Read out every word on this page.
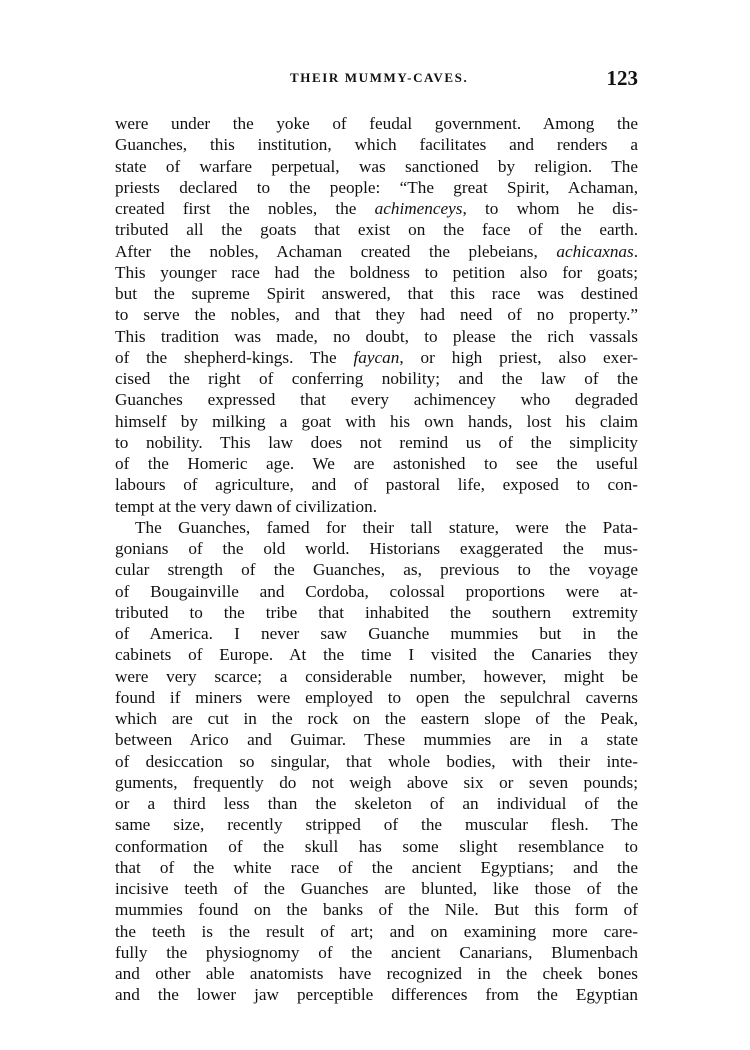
THEIR MUMMY-CAVES.	123
were under the yoke of feudal government. Among the
Guanches, this institution, which facilitates and renders a
state of warfare perpetual, was sanctioned by religion. The
priests declared to the people: “The great Spirit, Achaman,
created first the nobles, the achimenceys, to whom he dis-
tributed all the goats that exist on the face of the earth.
After the nobles, Achaman created the plebeians, achicaxnas.
This younger race had the boldness to petition also for goats;
but the supreme Spirit answered, that this race was destined
to serve the nobles, and that they had need of no property.”
This tradition was made, no doubt, to please the rich vassals
of the shepherd-kings. The faycan, or high priest, also exer-
cised the right of conferring nobility; and the law of the
Guanches expressed that every achimencey who degraded
himself by milking a goat with his own hands, lost his claim
to nobility. This law does not remind us of the simplicity
of the Homeric age. We are astonished to see the useful
labours of agriculture, and of pastoral life, exposed to con-
tempt at the very dawn of civilization.
The Guanches, famed for their tall stature, were the Pata-
gonians of the old world. Historians exaggerated the mus-
cular strength of the Guanches, as, previous to the voyage
of Bougainville and Cordoba, colossal proportions were at-
tributed to the tribe that inhabited the southern extremity
of America. I never saw Guanche mummies but in the
cabinets of Europe. At the time I visited the Canaries they
were very scarce; a considerable number, however, might be
found if miners were employed to open the sepulchral caverns
which are cut in the rock on the eastern slope of the Peak,
between Arico and Guimar. These mummies are in a state
of desiccation so singular, that whole bodies, with their inte-
guments, frequently do not weigh above six or seven pounds;
or a third less than the skeleton of an individual of the
same size, recently stripped of the muscular flesh. The
conformation of the skull has some slight resemblance to
that of the white race of the ancient Egyptians; and the
incisive teeth of the Guanches are blunted, like those of the
mummies found on the banks of the Nile. But this form of
the teeth is the result of art; and on examining more care-
fully the physiognomy of the ancient Canarians, Blumenbach
and other able anatomists have recognized in the cheek bones
and the lower jaw perceptible differences from the Egyptian
